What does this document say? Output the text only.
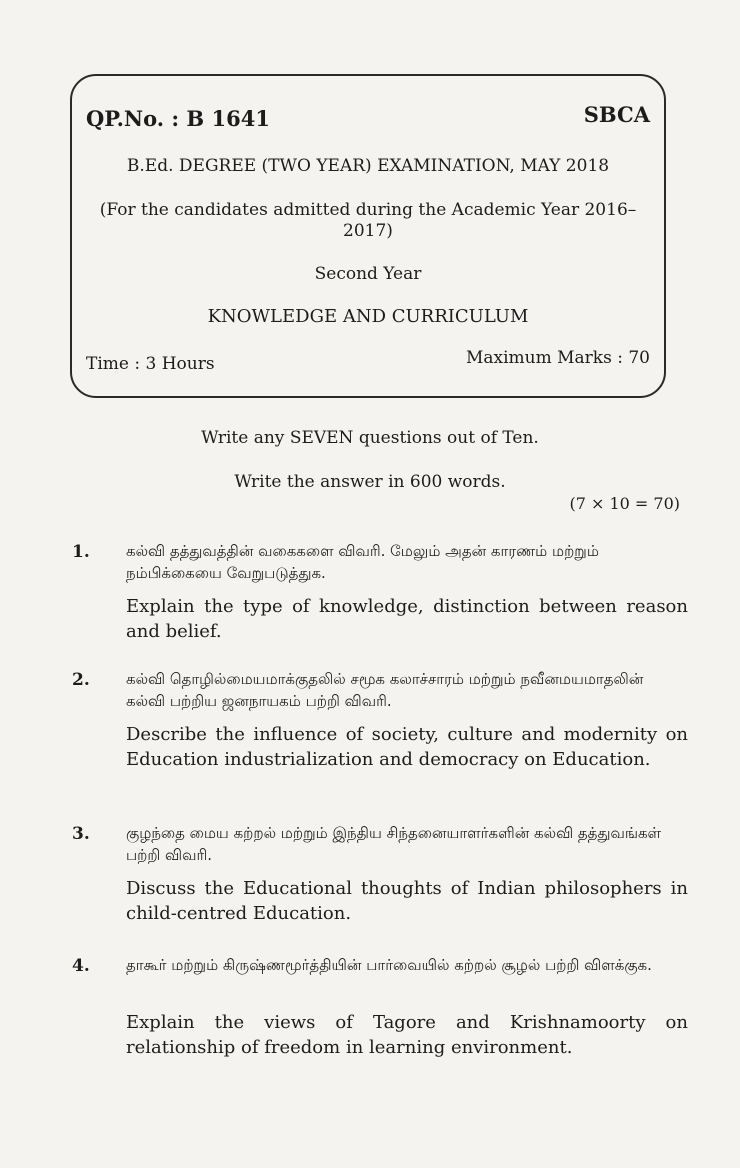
QP.No. : B 1641	SBCA
B.Ed. DEGREE (TWO YEAR) EXAMINATION, MAY 2018
(For the candidates admitted during the Academic Year 2016–2017)
Second Year
KNOWLEDGE AND CURRICULUM
Time : 3 Hours	Maximum Marks : 70
Write any SEVEN questions out of Ten.
Write the answer in 600 words.
(7 × 10 = 70)
1. கல்வி தத்துவத்தின் வகைகளை விவரி. மேலும் அதன் காரணம் மற்றும் நம்பிக்கையை வேறுபடுத்துக.
Explain the type of knowledge, distinction between reason and belief.
2. கல்வி தொழில்மையமாக்குதலில் சமூக கலாச்சாரம் மற்றும் நவீனமயமாதலின் கல்வி பற்றிய ஜனநாயகம் பற்றி விவரி.
Describe the influence of society, culture and modernity on Education industrialization and democracy on Education.
3. குழந்தை மைய கற்றல் மற்றும் இந்திய சிந்தனையாளர்களின் கல்வி தத்துவங்கள் பற்றி விவரி.
Discuss the Educational thoughts of Indian philosophers in child-centred Education.
4. தாகூர் மற்றும் கிருஷ்ணமூர்த்தியின் பார்வையில் கற்றல் சூழல் பற்றி விளக்குக.
Explain the views of Tagore and Krishnamoorty on relationship of freedom in learning environment.
